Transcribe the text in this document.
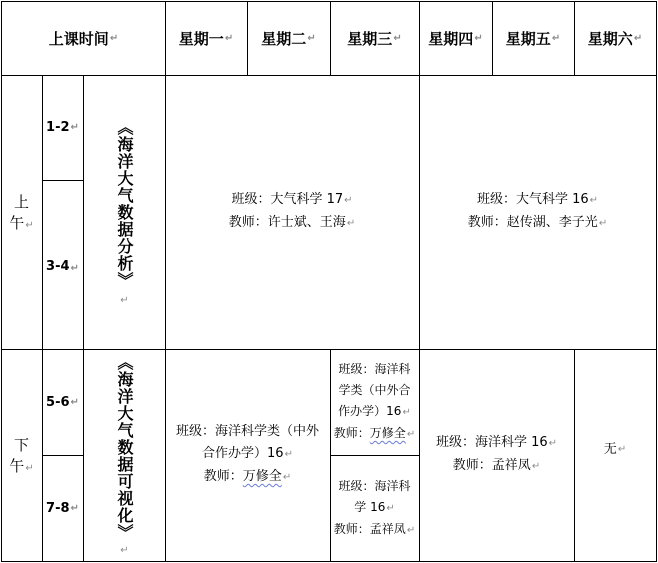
上课时间 ↵	星期一 ↵ 星期二 ↵ 星期三 ↵ 星期四 ↵ 星期五 ↵ 星期六 ↵
上
午↵
1-2 ↵
3-4 ↵ 《海洋大气数据分析》
↵
班级：大气科学 17↵
教师：许士斌、王海↵
班级：大气科学 16↵
教师：赵传湖、李子光↵
下
午↵
5-6 ↵
7-8 ↵ 《海洋大气数据可视化》
↵
班级：海洋科学类（中外
合作办学）16↵
教师：万修全↵
班级：海洋科
学类（中外合
作办学）16↵
教师：万修全↵
班级：海洋科
学 16↵
教师：孟祥凤↵
班级：海洋科学 16↵
教师：孟祥凤↵
无 ↵
